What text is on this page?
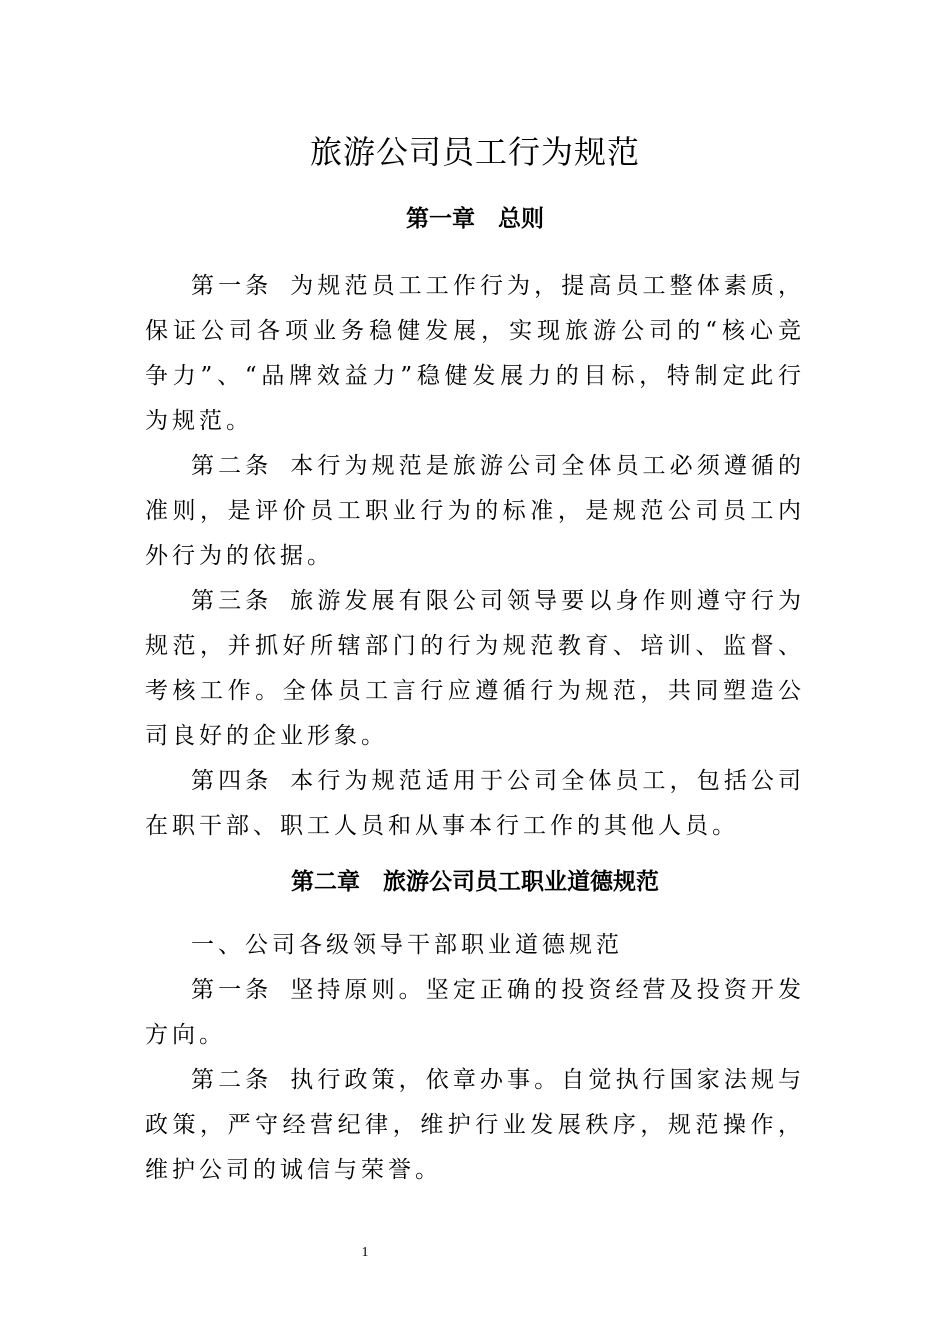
旅游公司员工行为规范
第一章　总则

第一条 为规范员工工作行为，提高员工整体素质，保证公司各项业务稳健发展，实现旅游公司的“核心竞争力”、“品牌效益力”稳健发展力的目标，特制定此行为规范。

第二条 本行为规范是旅游公司全体员工必须遵循的准则，是评价员工职业行为的标准，是规范公司员工内外行为的依据。

第三条 旅游发展有限公司领导要以身作则遵守行为规范，并抓好所辖部门的行为规范教育、培训、监督、考核工作。全体员工言行应遵循行为规范，共同塑造公司良好的企业形象。

第四条 本行为规范适用于公司全体员工，包括公司在职干部、职工人员和从事本行工作的其他人员。

第二章　旅游公司员工职业道德规范

一、公司各级领导干部职业道德规范

第一条 坚持原则。坚定正确的投资经营及投资开发方向。

第二条 执行政策，依章办事。自觉执行国家法规与政策，严守经营纪律，维护行业发展秩序，规范操作，维护公司的诚信与荣誉。

1
